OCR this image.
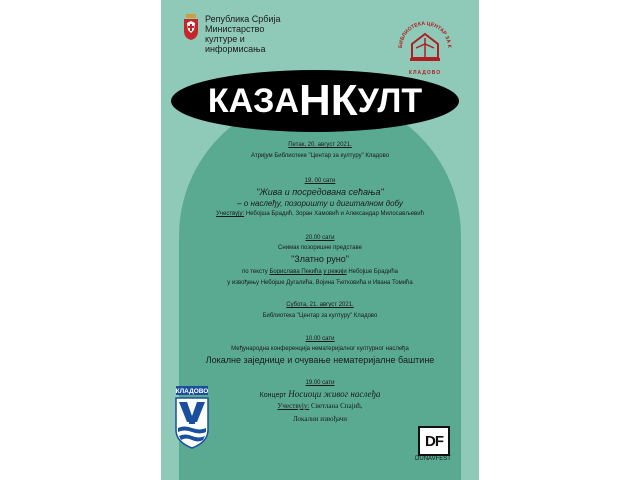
Република Србија
Министарство
културе и
информисања	БИБЛИОТЕКА ЦЕНТАР ЗА К
КЛАДОВО
КАЗА НК УЛТ
Петак, 20. август 2021.
Атријум Библиотеке "Центар за културу" Кладово
19. 00 сати
"Жива и посредована сећања"
– о наслеђу, позоришту и дигиталном добу
Учествују: Небојша Брадић, Зоран Хамовић и Александар Милосављевић
20.00 сати
Снимак позоришне представе
"Златно руно"
по тексту Борислава Пекића у режији Небојше Брадића
у извођењу Небојше Дугалића, Војина Ћетковића и Ивана Томића
Субота, 21. август 2021.
Библиотека "Центар за културу" Кладово
10.00 сати
Међународна конференција нематеријалног културног наслеђа
Локалне заједнице и очување нематеријалне баштине
19.00 сати
Концерт Носиоци живог наслеђа
Учествују: Светлана Спајић,
Локални извођачи
КЛАДОВО
DF
DUNAVFEST
